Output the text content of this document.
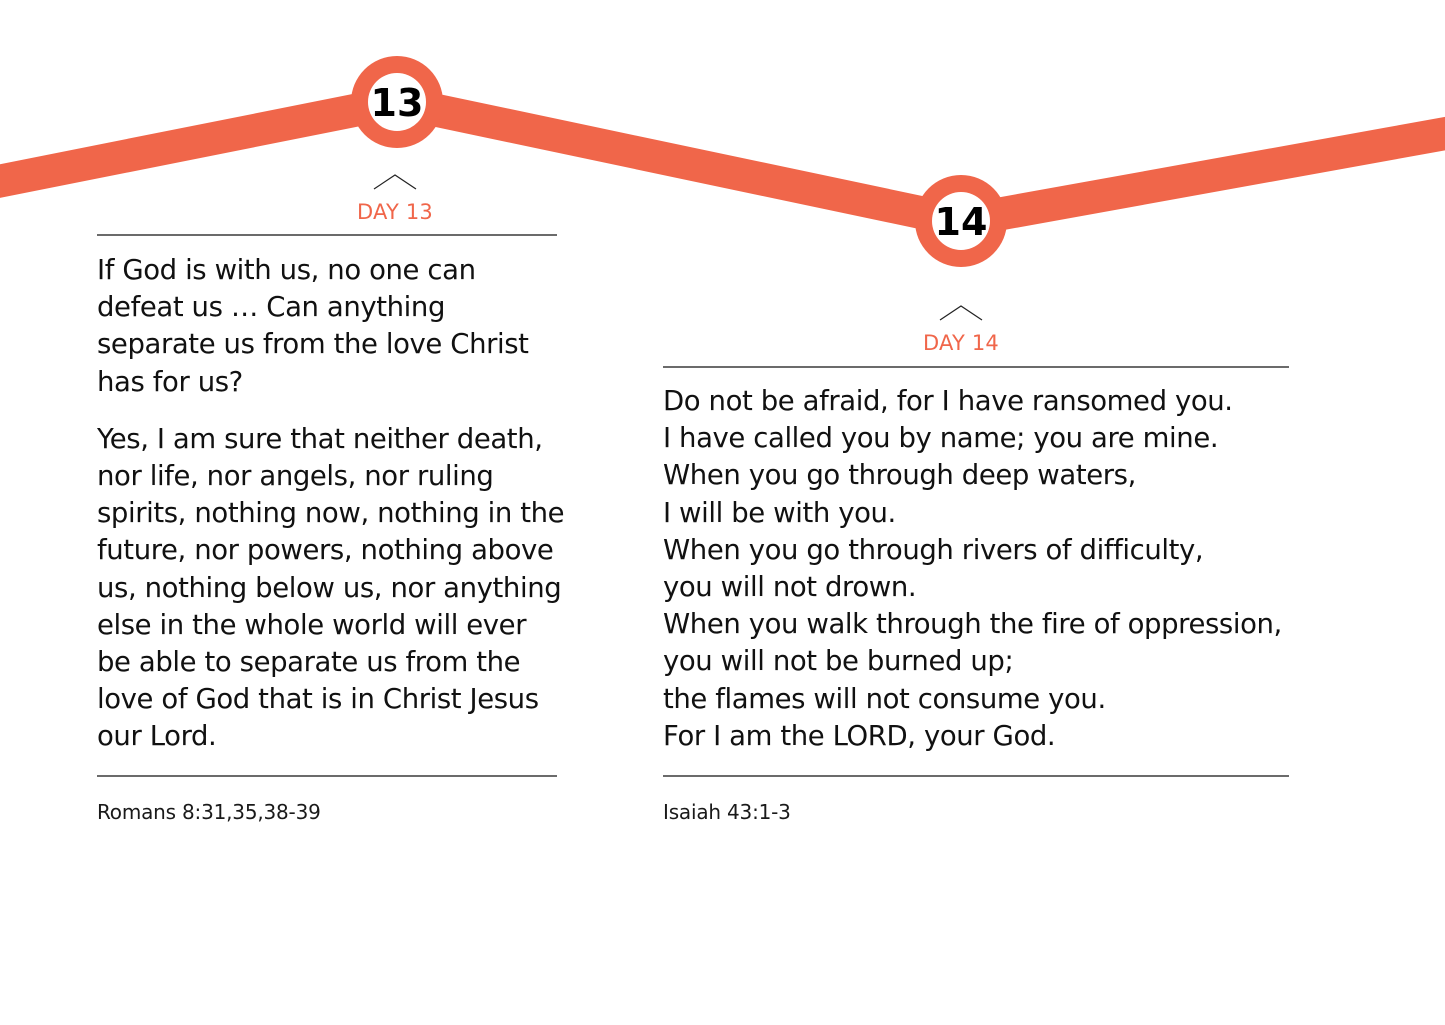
13
14
DAY 13

If God is with us, no one can defeat us … Can anything separate us from the love Christ has for us?

Yes, I am sure that neither death, nor life, nor angels, nor ruling spirits, nothing now, nothing in the future, nor powers, nothing above us, nothing below us, nor anything else in the whole world will ever be able to separate us from the love of God that is in Christ Jesus our Lord.

Romans 8:31,35,38-39
DAY 14
Do not be afraid, for I have ransomed you.
I have called you by name; you are mine.
When you go through deep waters,
I will be with you.
When you go through rivers of difficulty,
you will not drown.
When you walk through the fire of oppression,
you will not be burned up;
the flames will not consume you.
For I am the LORD, your God.
Isaiah 43:1-3
